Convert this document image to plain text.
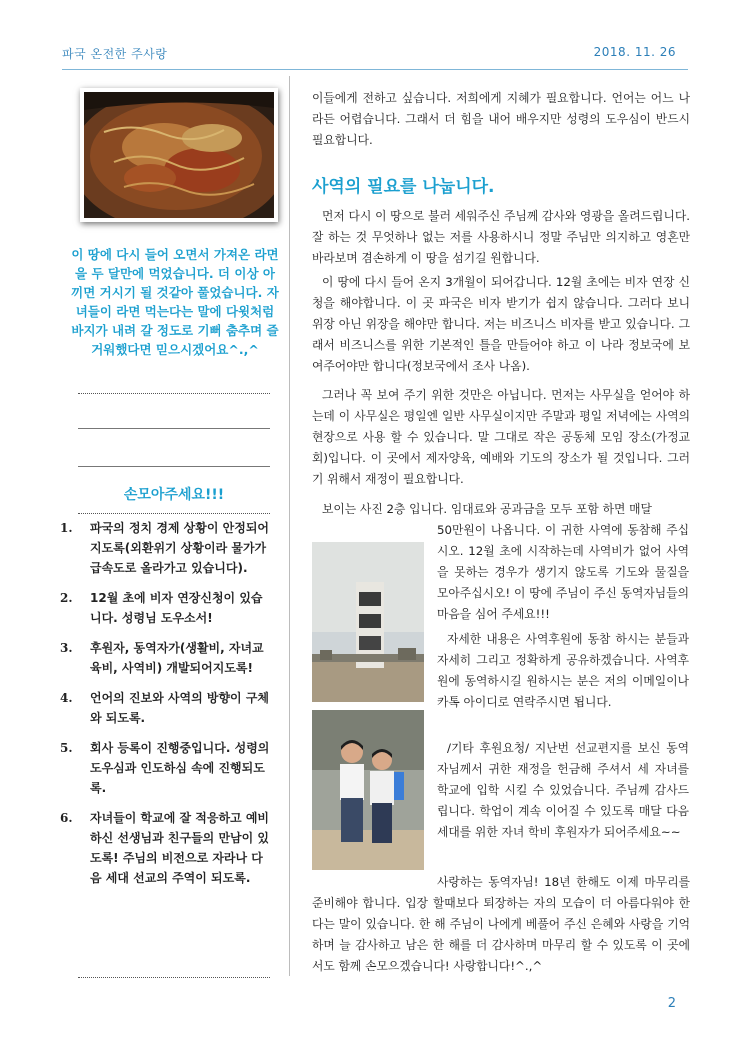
파국 온전한 주사랑	2018. 11. 26
이 땅에 다시 들어 오면서 가져온 라면을 두 달만에 먹었습니다. 더 이상 아끼면 거시기 될 것같아 풀었습니다. 자녀들이 라면 먹는다는 말에 다윗처럼 바지가 내려 갈 정도로 기뻐 춤추며 즐거워했다면 믿으시겠어요^.,^
손모아주세요!!!
1. 파국의 정치 경제 상황이 안정되어지도록(외환위기 상황이라 물가가 급속도로 올라가고 있습니다).
2. 12월 초에 비자 연장신청이 있습니다. 성령님 도우소서!
3. 후원자, 동역자가(생활비, 자녀교육비, 사역비) 개발되어지도록!
4. 언어의 진보와 사역의 방향이 구체와 되도록.
5. 회사 등록이 진행중입니다. 성령의 도우심과 인도하심 속에 진행되도록.
6. 자녀들이 학교에 잘 적응하고 예비하신 선생님과 친구들의 만남이 있도록! 주님의 비전으로 자라나 다음 세대 선교의 주역이 되도록.

이들에게 전하고 싶습니다. 저희에게 지혜가 필요합니다. 언어는 어느 나라든 어렵습니다. 그래서 더 힘을 내어 배우지만 성령의 도우심이 반드시 필요합니다.

사역의 필요를 나눕니다.

먼저 다시 이 땅으로 불러 세워주신 주님께 감사와 영광을 올려드립니다. 잘 하는 것 무엇하나 없는 저를 사용하시니 정말 주님만 의지하고 영혼만 바라보며 겸손하게 이 땅을 섬기길 원합니다.

이 땅에 다시 들어 온지 3개월이 되어갑니다. 12월 초에는 비자 연장 신청을 해야합니다. 이 곳 파국은 비자 받기가 쉽지 않습니다. 그러다 보니 위장 아닌 위장을 해야만 합니다. 저는 비즈니스 비자를 받고 있습니다. 그래서 비즈니스를 위한 기본적인 틀을 만들어야 하고 이 나라 정보국에 보여주어야만 합니다(정보국에서 조사 나옴).

그러나 꼭 보여 주기 위한 것만은 아닙니다. 먼저는 사무실을 얻어야 하는데 이 사무실은 평일엔 일반 사무실이지만 주말과 평일 저녁에는 사역의 현장으로 사용 할 수 있습니다. 말 그대로 작은 공동체 모임 장소(가정교회)입니다. 이 곳에서 제자양육, 예배와 기도의 장소가 될 것입니다. 그러기 위해서 재정이 필요합니다.

보이는 사진 2층 입니다. 임대료와 공과금을 모두 포함 하면 매달

50만원이 나옵니다. 이 귀한 사역에 동참해 주십시오. 12월 초에 시작하는데 사역비가 없어 사역을 못하는 경우가 생기지 않도록 기도와 물질을 모아주십시오! 이 땅에 주님이 주신 동역자님들의 마음을 심어 주세요!!!

자세한 내용은 사역후원에 동참 하시는 분들과 자세히 그리고 정확하게 공유하겠습니다. 사역후원에 동역하시길 원하시는 분은 저의 이메일이나 카톡 아이디로 연락주시면 됩니다.

/기타 후원요청/ 지난번 선교편지를 보신 동역자님께서 귀한 재정을 헌금해 주셔서 세 자녀를 학교에 입학 시킬 수 있었습니다. 주님께 감사드립니다. 학업이 계속 이어질 수 있도록 매달 다음 세대를 위한 자녀 학비 후원자가 되어주세요~~

사랑하는 동역자님! 18년 한해도 이제 마무리를 준비해야 합니다. 입장 할때보다 퇴장하는 자의 모습이 더 아름다워야 한다는 말이 있습니다. 한 해 주님이 나에게 베풀어 주신 은혜와 사랑을 기억하며 늘 감사하고 남은 한 해를 더 감사하며 마무리 할 수 있도록 이 곳에서도 함께 손모으겠습니다! 사랑합니다!^.,^

2
